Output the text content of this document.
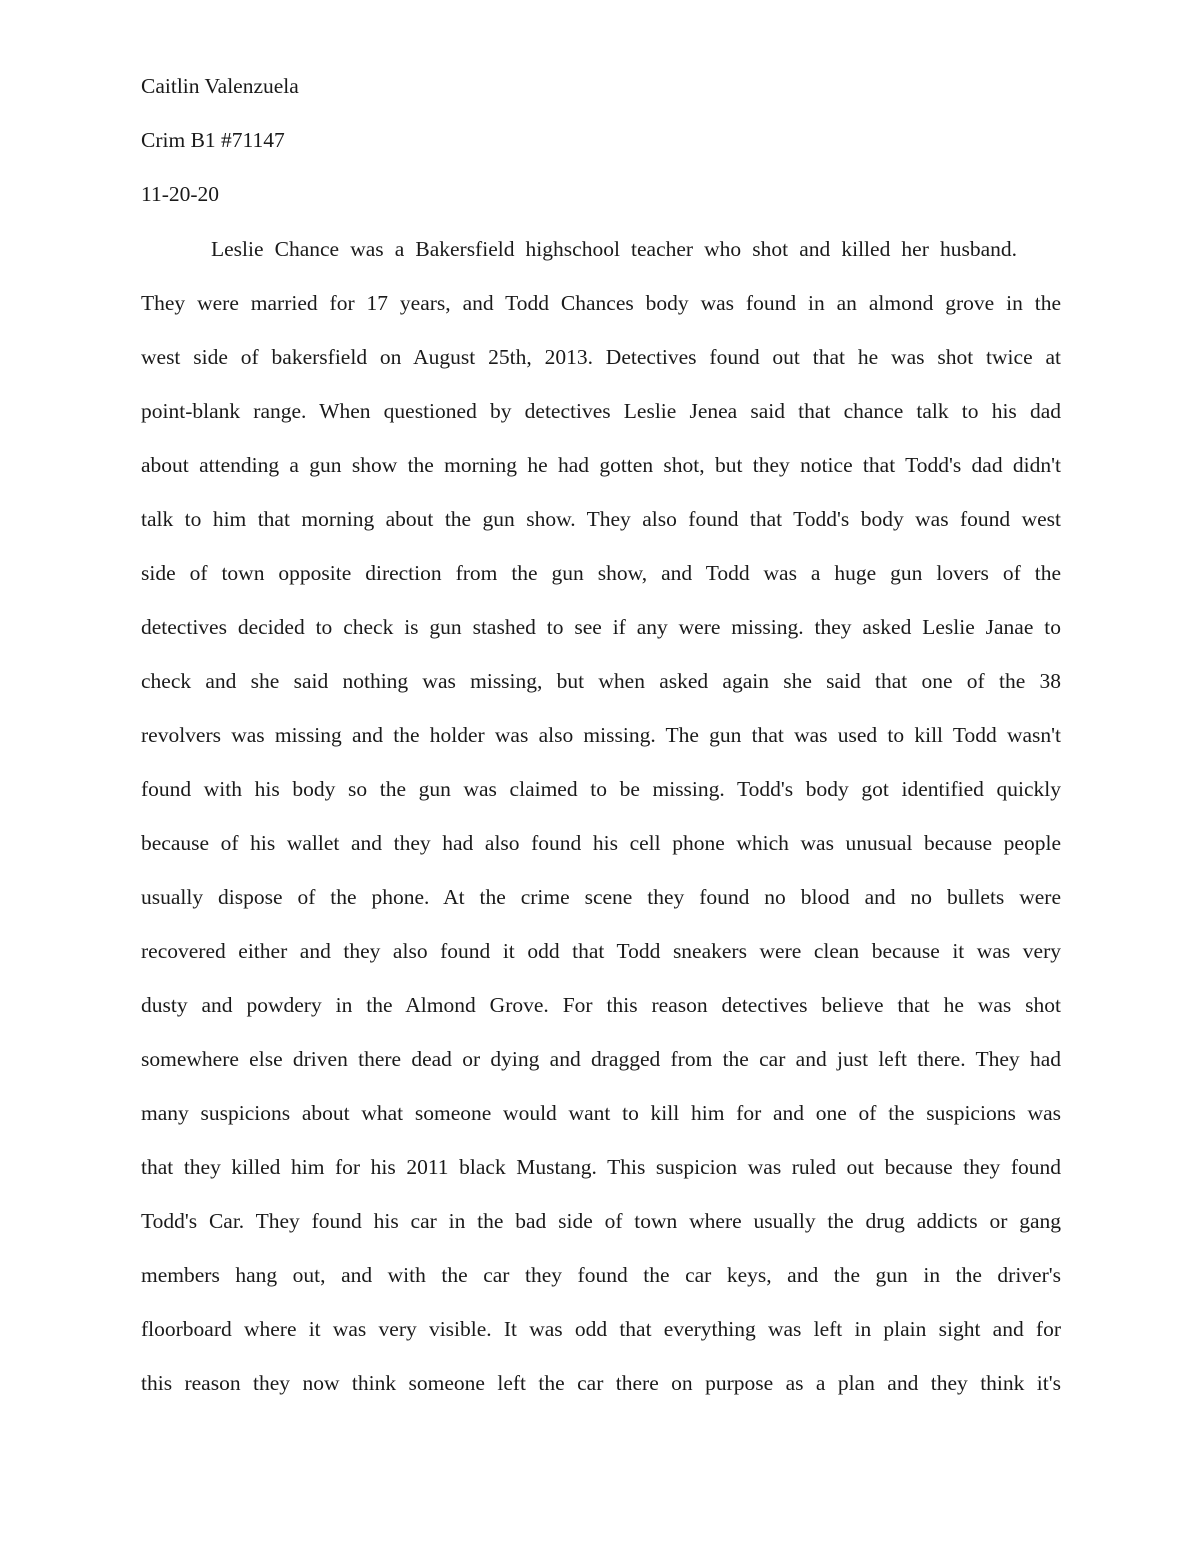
Caitlin Valenzuela
Crim B1 #71147
11-20-20
Leslie Chance was a Bakersfield highschool teacher who shot and killed her husband.
They were married for 17 years, and Todd Chances body was found in an almond grove in the
west side of bakersfield on August 25th, 2013. Detectives found out that he was shot twice at
point-blank range. When questioned by detectives Leslie Jenea said that chance talk to his dad
about attending a gun show the morning he had gotten shot, but they notice that Todd's dad didn't
talk to him that morning about the gun show. They also found that Todd's body was found west
side of town opposite direction from the gun show, and Todd was a huge gun lovers of the
detectives decided to check is gun stashed to see if any were missing. they asked Leslie Janae to
check and she said nothing was missing, but when asked again she said that one of the 38
revolvers was missing and the holder was also missing. The gun that was used to kill Todd wasn't
found with his body so the gun was claimed to be missing. Todd's body got identified quickly
because of his wallet and they had also found his cell phone which was unusual because people
usually dispose of the phone. At the crime scene they found no blood and no bullets were
recovered either and they also found it odd that Todd sneakers were clean because it was very
dusty and powdery in the Almond Grove. For this reason detectives believe that he was shot
somewhere else driven there dead or dying and dragged from the car and just left there. They had
many suspicions about what someone would want to kill him for and one of the suspicions was
that they killed him for his 2011 black Mustang. This suspicion was ruled out because they found
Todd's Car. They found his car in the bad side of town where usually the drug addicts or gang
members hang out, and with the car they found the car keys, and the gun in the driver's
floorboard where it was very visible. It was odd that everything was left in plain sight and for
this reason they now think someone left the car there on purpose as a plan and they think it's
